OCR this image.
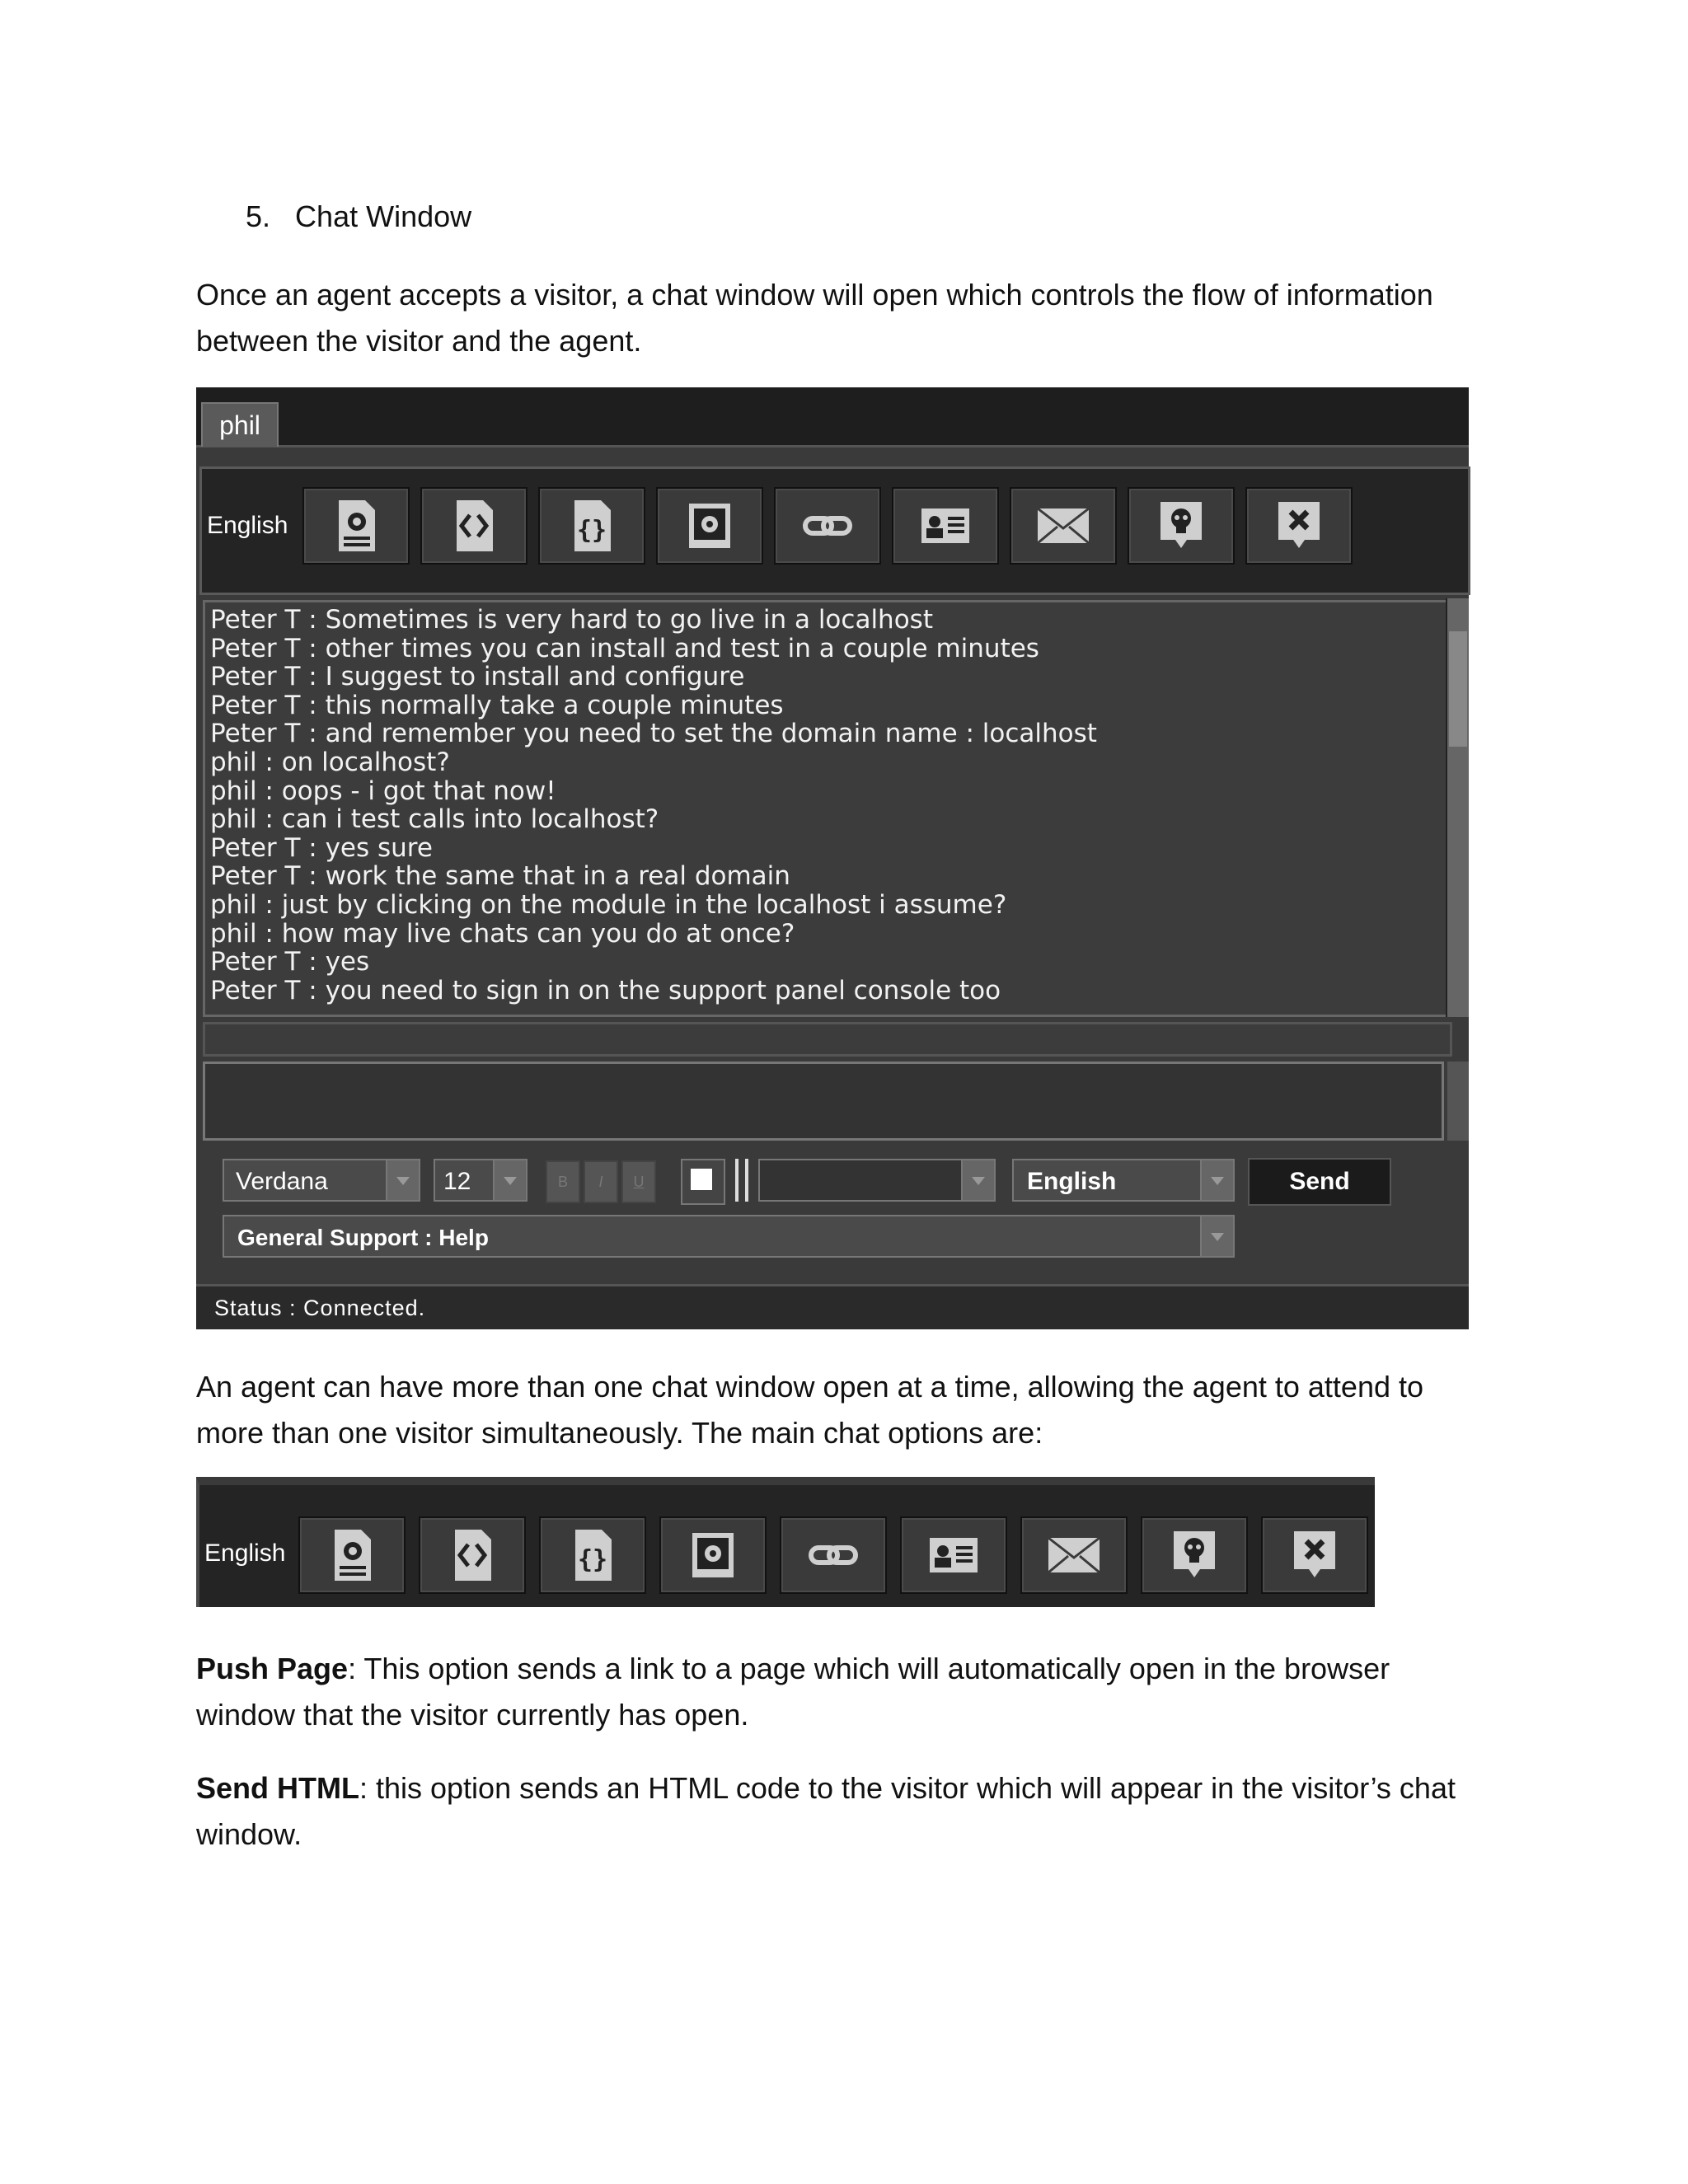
5. Chat Window

Once an agent accepts a visitor, a chat window will open which controls the flow of information between the visitor and the agent.

An agent can have more than one chat window open at a time, allowing the agent to attend to more than one visitor simultaneously. The main chat options are:

Push Page: This option sends a link to a page which will automatically open in the browser window that the visitor currently has open.

Send HTML: this option sends an HTML code to the visitor which will appear in the visitor’s chat window.

phil
English	{}
Peter T : Sometimes is very hard to go live in a localhost
Peter T : other times you can install and test in a couple minutes
Peter T : I suggest to install and configure
Peter T : this normally take a couple minutes
Peter T : and remember you need to set the domain name : localhost
phil : on localhost?
phil : oops - i got that now!
phil : can i test calls into localhost?
Peter T : yes sure
Peter T : work the same that in a real domain
phil : just by clicking on the module in the localhost i assume?
phil : how may live chats can you do at once?
Peter T : yes
Peter T : you need to sign in on the support panel console too
Verdana	12	B	I	U	English	Send
General Support : Help
Status : Connected.
English	{}
